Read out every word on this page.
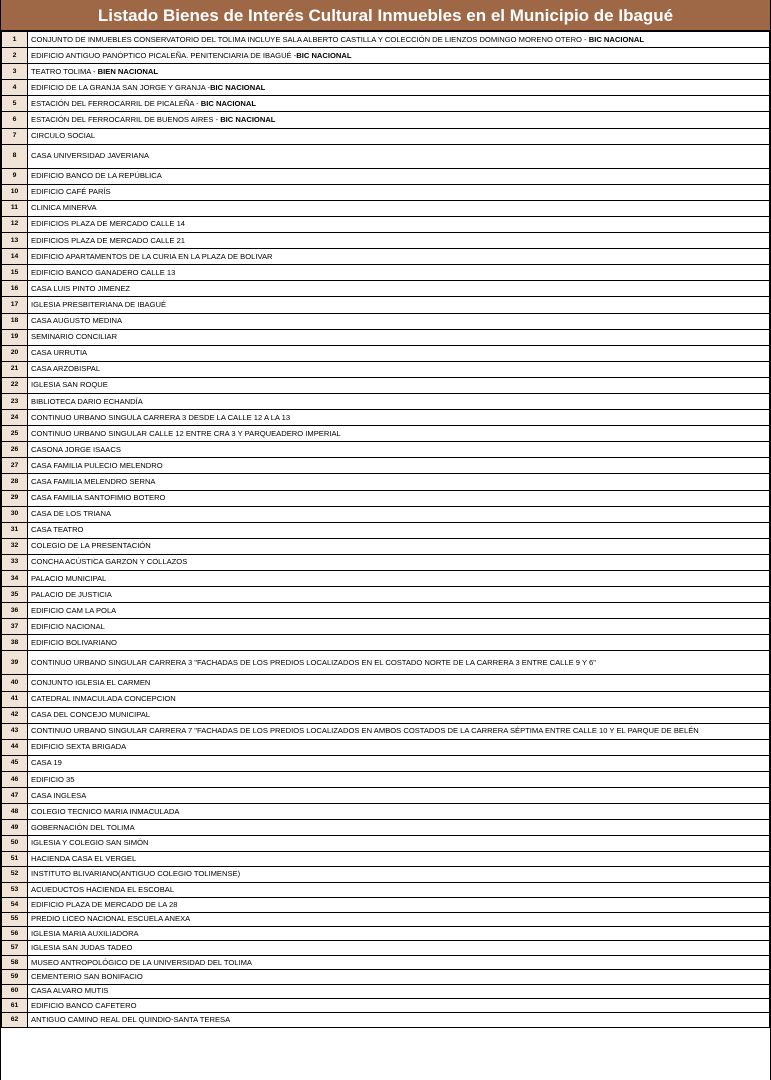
Listado Bienes de Interés Cultural Inmuebles en el Municipio de Ibagué
1	CONJUNTO DE INMUEBLES CONSERVATORIO DEL TOLIMA INCLUYE SALA ALBERTO CASTILLA Y COLECCIÓN DE LIENZOS DOMINGO MORENO OTERO - BIC NACIONAL
2	EDIFICIO ANTIGUO PANÓPTICO PICALEÑA. PENITENCIARIA DE IBAGUÉ -BIC NACIONAL
3	TEATRO TOLIMA - BIEN NACIONAL
4	EDIFICIO DE LA GRANJA SAN JORGE Y GRANJA -BIC NACIONAL
5	ESTACIÓN DEL FERROCARRIL DE PICALEÑA - BIC NACIONAL
6	ESTACIÓN DEL FERROCARRIL DE BUENOS AIRES - BIC NACIONAL
7	CIRCULO SOCIAL
8	CASA UNIVERSIDAD JAVERIANA
9	EDIFICIO BANCO DE LA REPÚBLICA
10	EDIFICIO CAFÉ PARÍS
11	CLINICA MINERVA
12	EDIFICIOS PLAZA DE MERCADO CALLE 14
13	EDIFICIOS PLAZA DE MERCADO CALLE 21
14	EDIFICIO APARTAMENTOS DE LA CURIA EN LA PLAZA DE BOLIVAR
15	EDIFICIO BANCO GANADERO CALLE 13
16	CASA LUIS PINTO JIMENEZ
17	IGLESIA PRESBITERIANA DE IBAGUÉ
18	CASA AUGUSTO MEDINA
19	SEMINARIO CONCILIAR
20	CASA URRUTIA
21	CASA ARZOBISPAL
22	IGLESIA SAN ROQUE
23	BIBLIOTECA DARIO ECHANDÍA
24	CONTINUO URBANO SINGULA CARRERA 3 DESDE LA CALLE 12 A LA 13
25	CONTINUO URBANO SINGULAR CALLE 12 ENTRE CRA 3 Y PARQUEADERO IMPERIAL
26	CASONA JORGE ISAACS
27	CASA FAMILIA PULECIO MELENDRO
28	CASA FAMILIA MELENDRO SERNA
29	CASA FAMILIA SANTOFIMIO BOTERO
30	CASA DE LOS TRIANA
31	CASA TEATRO
32	COLEGIO DE LA PRESENTACIÓN
33	CONCHA ACÚSTICA GARZON Y COLLAZOS
34	PALACIO MUNICIPAL
35	PALACIO DE JUSTICIA
36	EDIFICIO CAM LA POLA
37	EDIFICIO NACIONAL
38	EDIFICIO BOLIVARIANO
39	CONTINUO URBANO SINGULAR CARRERA 3 "FACHADAS DE LOS PREDIOS LOCALIZADOS EN EL COSTADO NORTE DE LA CARRERA 3 ENTRE CALLE 9 Y 6"
40	CONJUNTO IGLESIA EL CARMEN
41	CATEDRAL INMACULADA CONCEPCION
42	CASA DEL CONCEJO MUNICIPAL
43	CONTINUO URBANO SINGULAR CARRERA 7 "FACHADAS DE LOS PREDIOS LOCALIZADOS EN AMBOS COSTADOS DE LA CARRERA SÉPTIMA ENTRE CALLE 10 Y EL PARQUE DE BELÉN
44	EDIFICIO SEXTA BRIGADA
45	CASA 19
46	EDIFICIO 35
47	CASA INGLESA
48	COLEGIO TECNICO MARIA INMACULADA
49	GOBERNACIÓN DEL TOLIMA
50	IGLESIA Y COLEGIO SAN SIMÓN
51	HACIENDA CASA EL VERGEL
52	INSTITUTO BLIVARIANO(ANTIGUO COLEGIO TOLIMENSE)
53	ACUEDUCTOS HACIENDA EL ESCOBAL
54	EDIFICIO PLAZA DE MERCADO DE LA 28
55	PREDIO LICEO NACIONAL ESCUELA ANEXA
56	IGLESIA MARIA AUXILIADORA
57	IGLESIA SAN JUDAS TADEO
58	MUSEO ANTROPOLÓGICO DE LA UNIVERSIDAD DEL TOLIMA
59	CEMENTERIO SAN BONIFACIO
60	CASA ALVARO MUTIS
61	EDIFICIO BANCO CAFETERO
62	ANTIGUO CAMINO REAL DEL QUINDIO-SANTA TERESA
